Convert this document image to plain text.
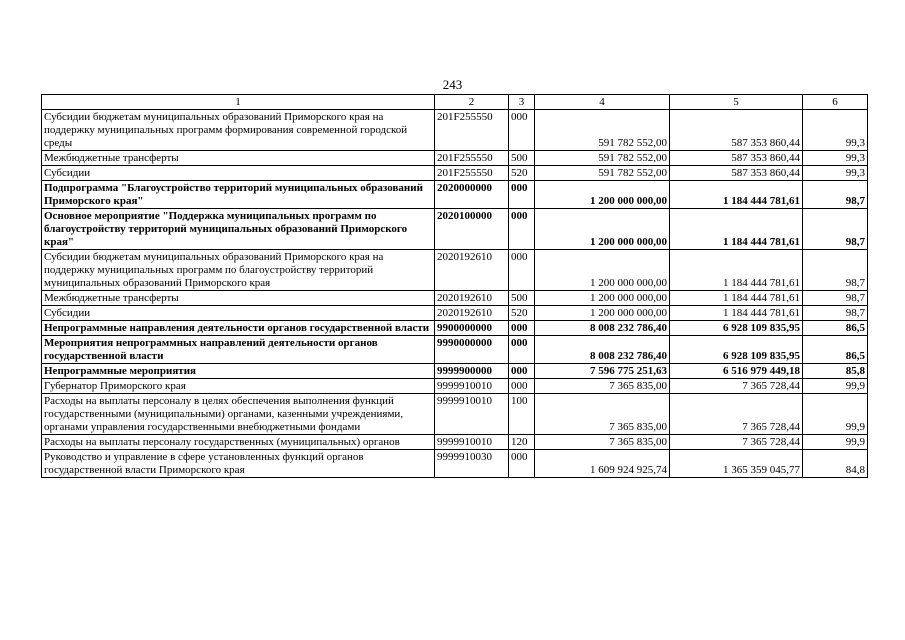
243
1	2	3	4	5	6
Субсидии бюджетам муниципальных образований Приморского края на поддержку муниципальных программ формирования современной городской среды	201F255550	000	591 782 552,00	587 353 860,44	99,3
Межбюджетные трансферты	201F255550	500	591 782 552,00	587 353 860,44	99,3
Субсидии	201F255550	520	591 782 552,00	587 353 860,44	99,3
Подпрограмма "Благоустройство территорий муниципальных образований Приморского края"	2020000000	000	1 200 000 000,00	1 184 444 781,61	98,7
Основное мероприятие "Поддержка муниципальных программ по благоустройству территорий муниципальных образований Приморского края"	2020100000	000	1 200 000 000,00	1 184 444 781,61	98,7
Субсидии бюджетам муниципальных образований Приморского края на поддержку муниципальных программ по благоустройству территорий муниципальных образований Приморского края	2020192610	000	1 200 000 000,00	1 184 444 781,61	98,7
Межбюджетные трансферты	2020192610	500	1 200 000 000,00	1 184 444 781,61	98,7
Субсидии	2020192610	520	1 200 000 000,00	1 184 444 781,61	98,7
Непрограммные направления деятельности органов государственной власти	9900000000	000	8 008 232 786,40	6 928 109 835,95	86,5
Мероприятия непрограммных направлений деятельности органов государственной власти	9990000000	000	8 008 232 786,40	6 928 109 835,95	86,5
Непрограммные мероприятия	9999900000	000	7 596 775 251,63	6 516 979 449,18	85,8
Губернатор Приморского края	9999910010	000	7 365 835,00	7 365 728,44	99,9
Расходы на выплаты персоналу в целях обеспечения выполнения функций государственными (муниципальными) органами, казенными учреждениями, органами управления государственными внебюджетными фондами	9999910010	100	7 365 835,00	7 365 728,44	99,9
Расходы на выплаты персоналу государственных (муниципальных) органов	9999910010	120	7 365 835,00	7 365 728,44	99,9
Руководство и управление в сфере установленных функций органов государственной власти Приморского края	9999910030	000	1 609 924 925,74	1 365 359 045,77	84,8
